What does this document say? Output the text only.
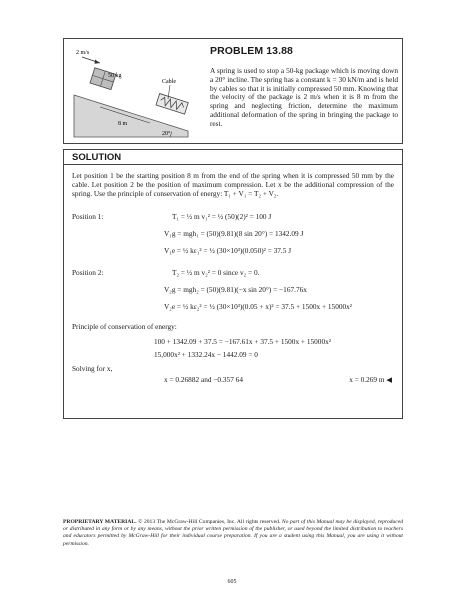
2 m/s
50 kg
Cable
8 m
20°
PROBLEM 13.88

A spring is used to stop a 50-kg package which is moving down a 20° incline. The spring has a constant k = 30 kN/m and is held by cables so that it is initially compressed 50 mm. Knowing that the velocity of the package is 2 m/s when it is 8 m from the spring and neglecting friction, determine the maximum additional deformation of the spring in bringing the package to rest.

SOLUTION

Let position 1 be the starting position 8 m from the end of the spring when it is compressed 50 mm by the cable. Let position 2 be the position of maximum compression. Let x be the additional compression of the spring. Use the principle of conservation of energy: T₁ + V₁ = T₂ + V₂.

Position 1:	T₁ = ½ m v₁² = ½ (50)(2)² = 100 J
V₁g = mgh₁ = (50)(9.81)(8 sin 20°) = 1342.09 J
V₁e = ½ kε₁² = ½ (30×10³)(0.050)² = 37.5 J
Position 2:	T₂ = ½ m v₂² = 0 since v₂ = 0.
V₂g = mgh₂ = (50)(9.81)(−x sin 20°) = −167.76x
V₂e = ½ kε₂² = ½ (30×10³)(0.05 + x)² = 37.5 + 1500x + 15000x²
Principle of conservation of energy:
100 + 1342.09 + 37.5 = −167.61x + 37.5 + 1500x + 15000x²
15,000x² + 1332.24x − 1442.09 = 0
Solving for x,
x = 0.26882 and −0.357 64	x = 0.269 m ◀

PROPRIETARY MATERIAL. © 2013 The McGraw-Hill Companies, Inc. All rights reserved. No part of this Manual may be displayed, reproduced or distributed in any form or by any means, without the prior written permission of the publisher, or used beyond the limited distribution to teachers and educators permitted by McGraw-Hill for their individual course preparation. If you are a student using this Manual, you are using it without permission.

605
